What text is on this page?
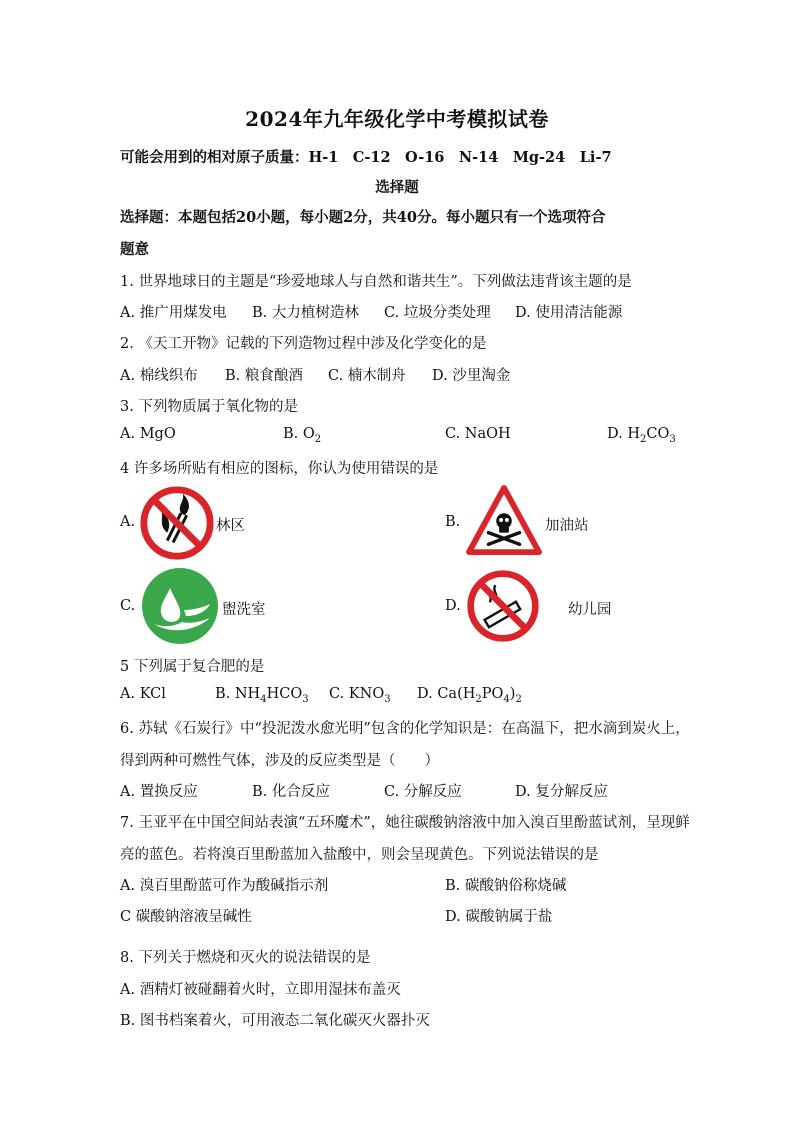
2024年九年级化学中考模拟试卷
可能会用到的相对原子质量：H-1　C-12　O-16　N-14　Mg-24　Li-7
选择题
选择题：本题包括20小题，每小题2分，共40分。每小题只有一个选项符合
题意
1. 世界地球日的主题是“珍爱地球人与自然和谐共生”。下列做法违背该主题的是
A. 推广用煤发电 B. 大力植树造林 C. 垃圾分类处理 D. 使用清洁能源
2. 《天工开物》记载的下列造物过程中涉及化学变化的是
A. 棉线织布 B. 粮食酿酒 C. 楠木制舟 D. 沙里淘金
3. 下列物质属于氧化物的是
A. MgO	B. $O_2$	C. NaOH	D. $H_2CO_3$
4 许多场所贴有相应的图标，你认为使用错误的是
A.	林区	B.	加油站
C.	盥洗室	D.	幼儿园
5 下列属于复合肥的是
A. KCl	B. $NH_4HCO_3$ C. $KNO_3$ D. $Ca(H_2PO_4)_2$
6. 苏轼《石炭行》中“投泥泼水愈光明”包含的化学知识是：在高温下，把水滴到炭火上，
得到两种可燃性气体，涉及的反应类型是（　　）
A. 置换反应	B. 化合反应	C. 分解反应	D. 复分解反应
7. 王亚平在中国空间站表演“五环魔术”，她往碳酸钠溶液中加入溴百里酚蓝试剂，呈现鲜
亮的蓝色。若将溴百里酚蓝加入盐酸中，则会呈现黄色。下列说法错误的是
A. 溴百里酚蓝可作为酸碱指示剂	B. 碳酸钠俗称烧碱
C 碳酸钠溶液呈碱性	D. 碳酸钠属于盐
8. 下列关于燃烧和灭火的说法错误的是
A. 酒精灯被碰翻着火时，立即用湿抹布盖灭
B. 图书档案着火，可用液态二氧化碳灭火器扑灭
